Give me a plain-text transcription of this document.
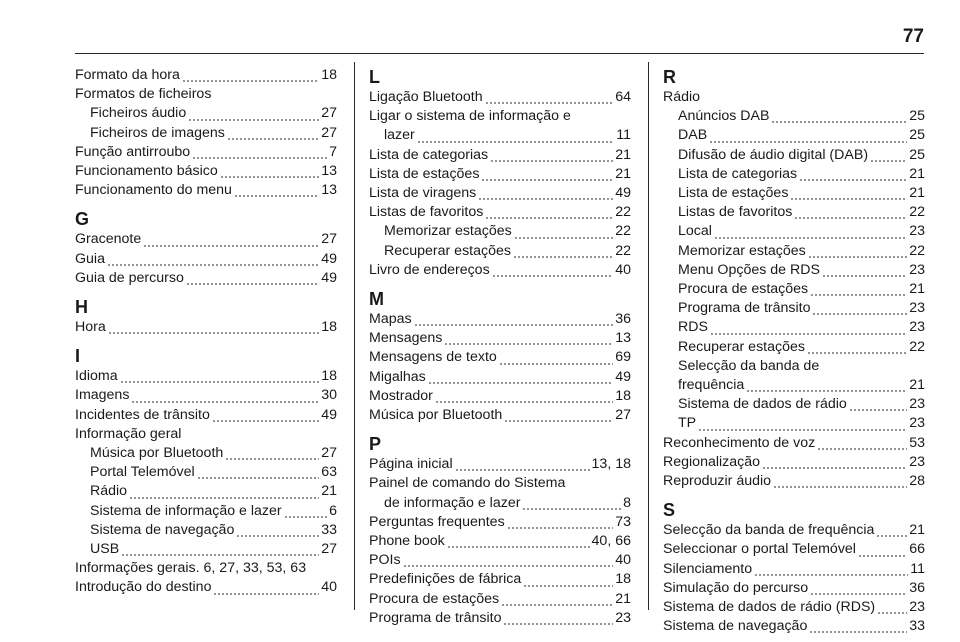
77
Formato da hora	18
Formatos de ficheiros
Ficheiros áudio	27
Ficheiros de imagens	27
Função antirroubo	7
Funcionamento básico	13
Funcionamento do menu	13
G
Gracenote	27
Guia	49
Guia de percurso	49
H
Hora	18
I
Idioma	18
Imagens	30
Incidentes de trânsito	49
Informação geral
Música por Bluetooth	27
Portal Telemóvel	63
Rádio	21
Sistema de informação e lazer	6
Sistema de navegação	33
USB	27
Informações gerais. 6, 27, 33, 53, 63
Introdução do destino	40
L
Ligação Bluetooth	64
Ligar o sistema de informação e
lazer	11
Lista de categorias	21
Lista de estações	21
Lista de viragens	49
Listas de favoritos	22
Memorizar estações	22
Recuperar estações	22
Livro de endereços	40
M
Mapas	36
Mensagens	13
Mensagens de texto	69
Migalhas	49
Mostrador	18
Música por Bluetooth	27
P
Página inicial	13, 18
Painel de comando do Sistema
de informação e lazer	8
Perguntas frequentes	73
Phone book	40, 66
POIs	40
Predefinições de fábrica	18
Procura de estações	21
Programa de trânsito	23
R
Rádio
Anúncios DAB	25
DAB	25
Difusão de áudio digital (DAB)	25
Lista de categorias	21
Lista de estações	21
Listas de favoritos	22
Local	23
Memorizar estações	22
Menu Opções de RDS	23
Procura de estações	21
Programa de trânsito	23
RDS	23
Recuperar estações	22
Selecção da banda de
frequência	21
Sistema de dados de rádio	23
TP	23
Reconhecimento de voz	53
Regionalização	23
Reproduzir áudio	28
S
Selecção da banda de frequência 21
Seleccionar o portal Telemóvel	66
Silenciamento	11
Simulação do percurso	36
Sistema de dados de rádio (RDS) 23
Sistema de navegação	33
